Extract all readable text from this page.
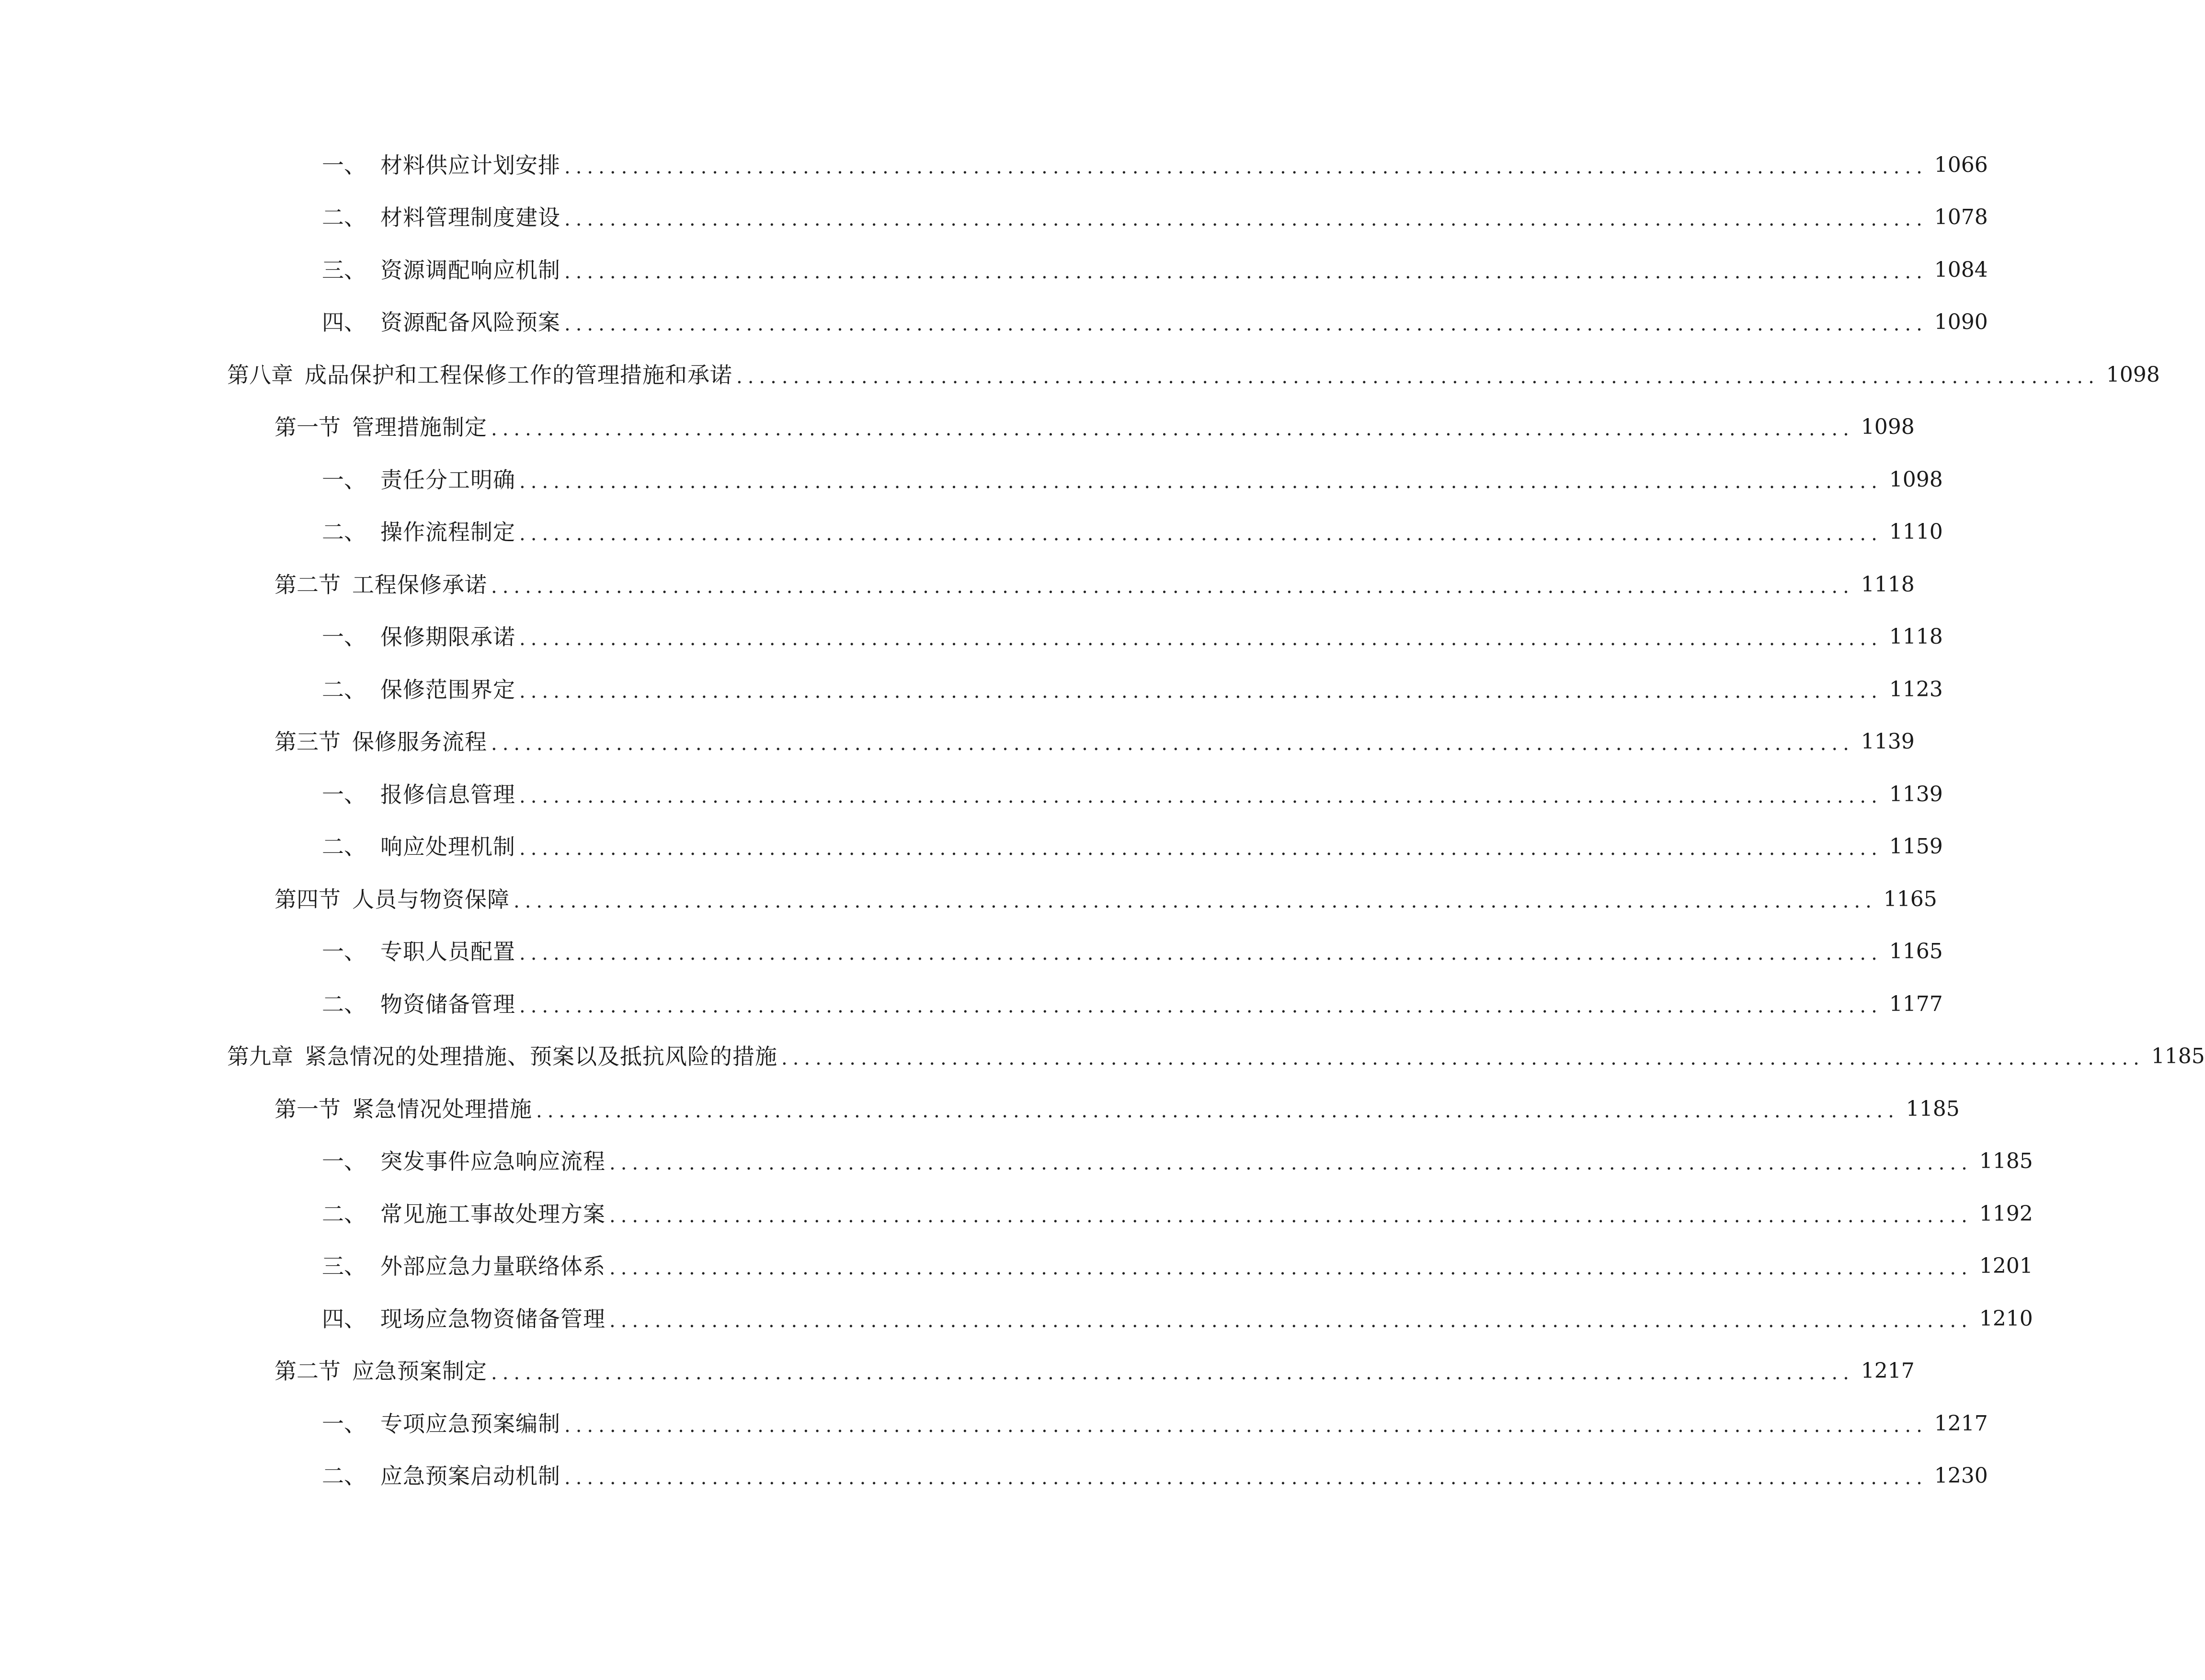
一、 材料供应计划安排 ........................................................................................................................ 1066
二、 材料管理制度建设 ........................................................................................................................ 1078
三、 资源调配响应机制 ........................................................................................................................ 1084
四、 资源配备风险预案 ........................................................................................................................ 1090
第八章 成品保护和工程保修工作的管理措施和承诺 ........................................................................................................................ 1098
第一节 管理措施制定 ........................................................................................................................ 1098
一、 责任分工明确 ........................................................................................................................ 1098
二、 操作流程制定 ........................................................................................................................ 1110
第二节 工程保修承诺 ........................................................................................................................ 1118
一、 保修期限承诺 ........................................................................................................................ 1118
二、 保修范围界定 ........................................................................................................................ 1123
第三节 保修服务流程 ........................................................................................................................ 1139
一、 报修信息管理 ........................................................................................................................ 1139
二、 响应处理机制 ........................................................................................................................ 1159
第四节 人员与物资保障 ........................................................................................................................ 1165
一、 专职人员配置 ........................................................................................................................ 1165
二、 物资储备管理 ........................................................................................................................ 1177
第九章 紧急情况的处理措施、预案以及抵抗风险的措施 ........................................................................................................................ 1185
第一节 紧急情况处理措施 ........................................................................................................................ 1185
一、 突发事件应急响应流程 ........................................................................................................................ 1185
二、 常见施工事故处理方案 ........................................................................................................................ 1192
三、 外部应急力量联络体系 ........................................................................................................................ 1201
四、 现场应急物资储备管理 ........................................................................................................................ 1210
第二节 应急预案制定 ........................................................................................................................ 1217
一、 专项应急预案编制 ........................................................................................................................ 1217
二、 应急预案启动机制 ........................................................................................................................ 1230
